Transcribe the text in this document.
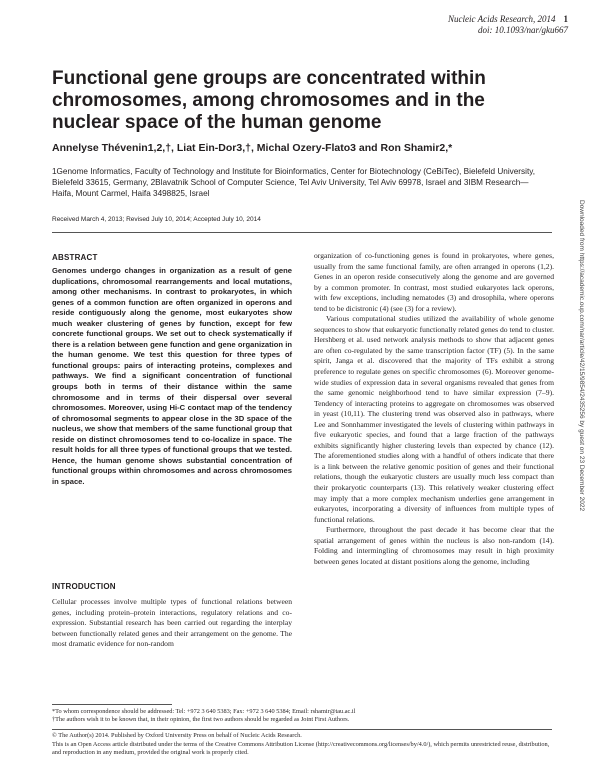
Nucleic Acids Research, 2014 1
doi: 10.1093/nar/gku667
Functional gene groups are concentrated within chromosomes, among chromosomes and in the nuclear space of the human genome
Annelyse Thévenin1,2,†, Liat Ein-Dor3,†, Michal Ozery-Flato3 and Ron Shamir2,*
1Genome Informatics, Faculty of Technology and Institute for Bioinformatics, Center for Biotechnology (CeBiTec), Bielefeld University, Bielefeld 33615, Germany, 2Blavatnik School of Computer Science, Tel Aviv University, Tel Aviv 69978, Israel and 3IBM Research—Haifa, Mount Carmel, Haifa 3498825, Israel
Received March 4, 2013; Revised July 10, 2014; Accepted July 10, 2014	Downloaded from https://academic.oup.com/nar/article/42/15/9854/2435256 by guest on 23 December 2022
ABSTRACT

Genomes undergo changes in organization as a result of gene duplications, chromosomal rearrangements and local mutations, among other mechanisms. In contrast to prokaryotes, in which genes of a common function are often organized in operons and reside contiguously along the genome, most eukaryotes show much weaker clustering of genes by function, except for few concrete functional groups. We set out to check systematically if there is a relation between gene function and gene organization in the human genome. We test this question for three types of functional groups: pairs of interacting proteins, complexes and pathways. We find a significant concentration of functional groups both in terms of their distance within the same chromosome and in terms of their dispersal over several chromosomes. Moreover, using Hi-C contact map of the tendency of chromosomal segments to appear close in the 3D space of the nucleus, we show that members of the same functional group that reside on distinct chromosomes tend to co-localize in space. The result holds for all three types of functional groups that we tested. Hence, the human genome shows substantial concentration of functional groups within chromosomes and across chromosomes in space.

INTRODUCTION

Cellular processes involve multiple types of functional relations between genes, including protein–protein interactions, regulatory relations and co-expression. Substantial research has been carried out regarding the interplay between functionally related genes and their arrangement on the genome. The most dramatic evidence for non-random

organization of co-functioning genes is found in prokaryotes, where genes, usually from the same functional family, are often arranged in operons (1,2). Genes in an operon reside consecutively along the genome and are governed by a common promoter. In contrast, most studied eukaryotes lack operons, with few exceptions, including nematodes (3) and drosophila, where operons tend to be dicistronic (4) (see (3) for a review).

Various computational studies utilized the availability of whole genome sequences to show that eukaryotic functionally related genes do tend to cluster. Hershberg et al. used network analysis methods to show that adjacent genes are often co-regulated by the same transcription factor (TF) (5). In the same spirit, Janga et al. discovered that the majority of TFs exhibit a strong preference to regulate genes on specific chromosomes (6). Moreover genome-wide studies of expression data in several organisms revealed that genes from the same genomic neighborhood tend to have similar expression (7–9). Tendency of interacting proteins to aggregate on chromosomes was observed in yeast (10,11). The clustering trend was observed also in pathways, where Lee and Sonnhammer investigated the levels of clustering within pathways in five eukaryotic species, and found that a large fraction of the pathways exhibits significantly higher clustering levels than expected by chance (12). The aforementioned studies along with a handful of others indicate that there is a link between the relative genomic position of genes and their functional relations, though the eukaryotic clusters are usually much less compact than their prokaryotic counterparts (13). This relatively weaker clustering effect may imply that a more complex mechanism underlies gene arrangement in eukaryotes, incorporating a diversity of influences from multiple types of functional relations.

Furthermore, throughout the past decade it has become clear that the spatial arrangement of genes within the nucleus is also non-random (14). Folding and intermingling of chromosomes may result in high proximity between genes located at distant positions along the genome, including

*To whom correspondence should be addressed: Tel: +972 3 640 5383; Fax: +972 3 640 5384; Email: rshamir@tau.ac.il

†The authors wish it to be known that, in their opinion, the first two authors should be regarded as Joint First Authors.

© The Author(s) 2014. Published by Oxford University Press on behalf of Nucleic Acids Research.

This is an Open Access article distributed under the terms of the Creative Commons Attribution License (http://creativecommons.org/licenses/by/4.0/), which permits unrestricted reuse, distribution, and reproduction in any medium, provided the original work is properly cited.
